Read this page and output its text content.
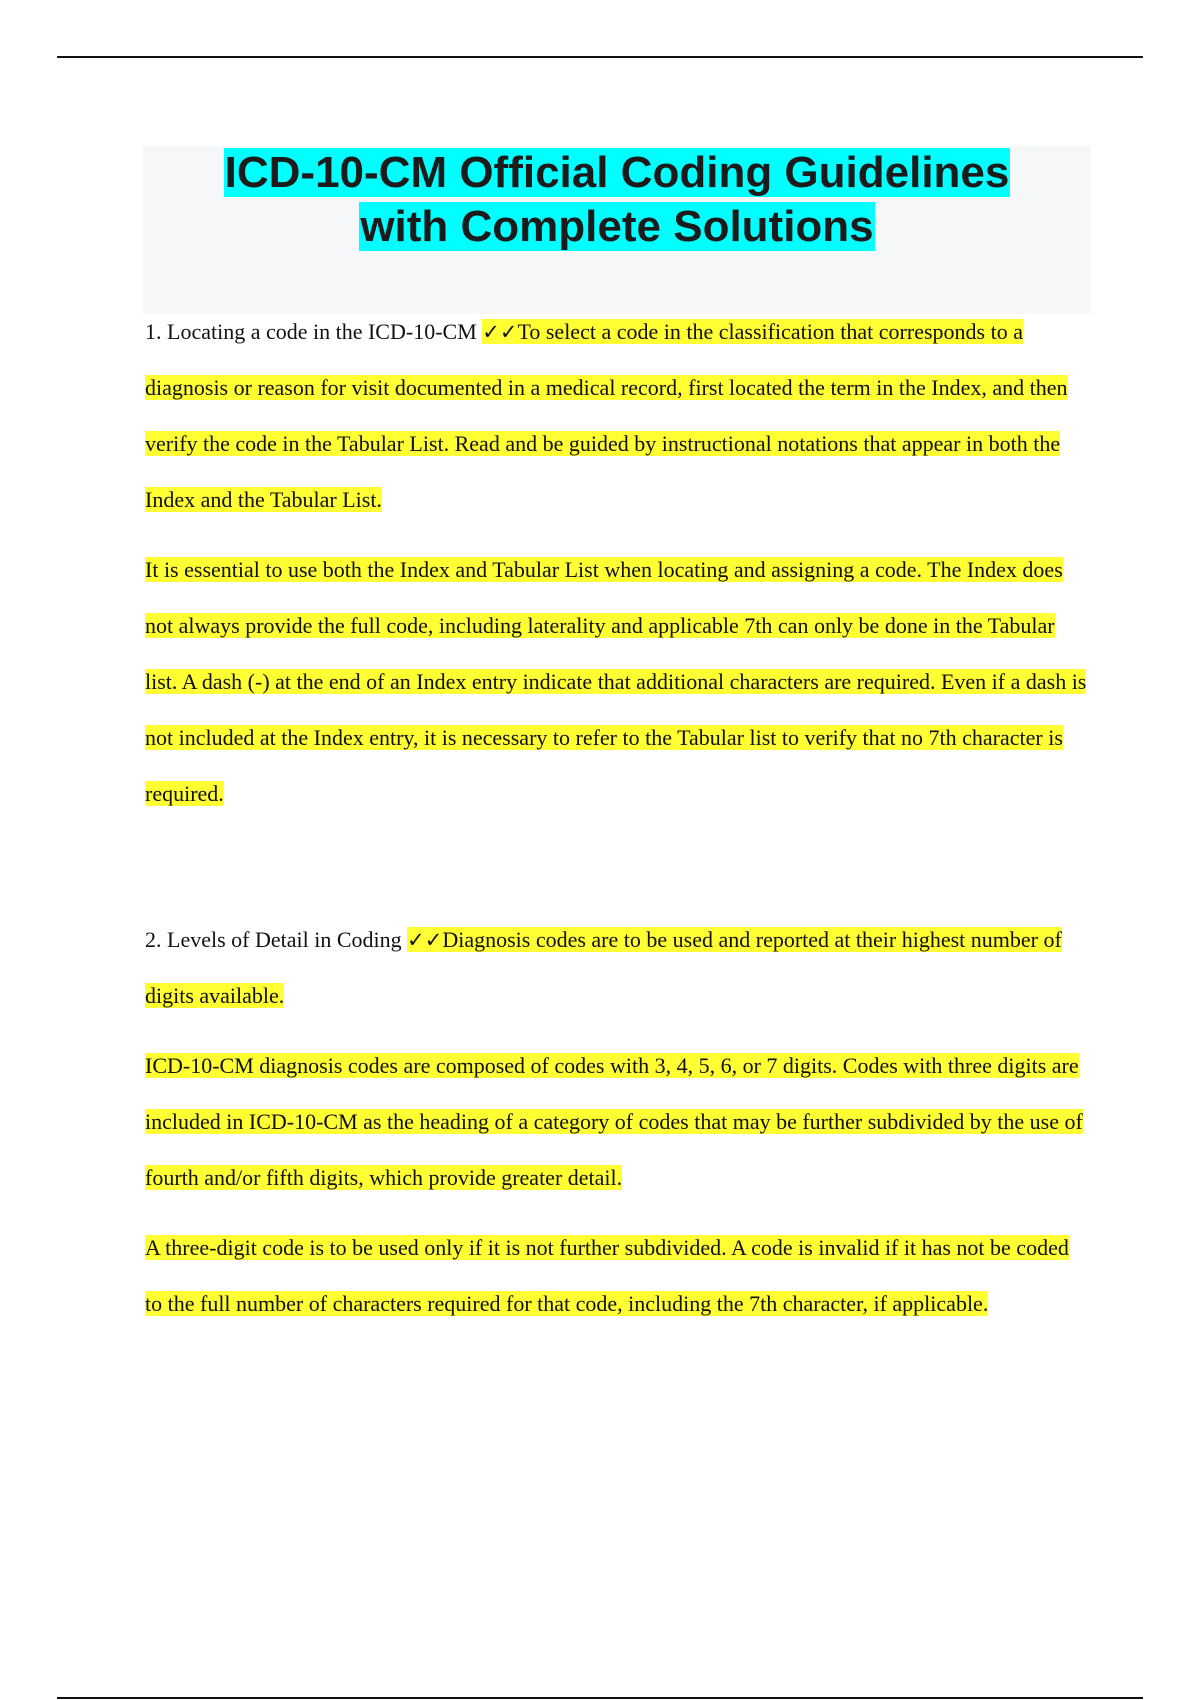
ICD-10-CM Official Coding Guidelines
with Complete Solutions

1. Locating a code in the ICD-10-CM ✓✓To select a code in the classification that corresponds to a diagnosis or reason for visit documented in a medical record, first located the term in the Index, and then verify the code in the Tabular List. Read and be guided by instructional notations that appear in both the Index and the Tabular List.

It is essential to use both the Index and Tabular List when locating and assigning a code. The Index does not always provide the full code, including laterality and applicable 7th can only be done in the Tabular list. A dash (-) at the end of an Index entry indicate that additional characters are required. Even if a dash is not included at the Index entry, it is necessary to refer to the Tabular list to verify that no 7th character is required.

2. Levels of Detail in Coding ✓✓Diagnosis codes are to be used and reported at their highest number of digits available.

ICD-10-CM diagnosis codes are composed of codes with 3, 4, 5, 6, or 7 digits. Codes with three digits are included in ICD-10-CM as the heading of a category of codes that may be further subdivided by the use of fourth and/or fifth digits, which provide greater detail.

A three-digit code is to be used only if it is not further subdivided. A code is invalid if it has not be coded to the full number of characters required for that code, including the 7th character, if applicable.
